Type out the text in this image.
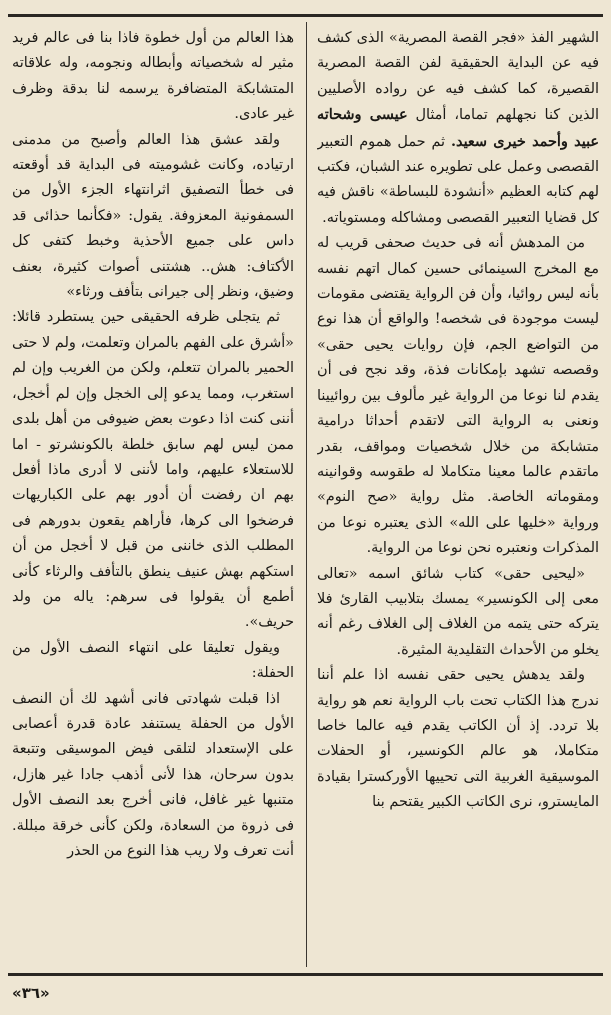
الشهير الفذ «فجر القصة المصرية» الذى كشف فيه عن البداية الحقيقية لفن القصة المصرية القصيرة، كما كشف فيه عن رواده الأصليين الذين كنا نجهلهم تماما، أمثال عيسى وشحاته عبيد وأحمد خيرى سعيد. ثم حمل هموم التعبير القصصى وعمل على تطويره عند الشبان، فكتب لهم كتابه العظيم «أنشودة للبساطة» ناقش فيه كل قضايا التعبير القصصى ومشاكله ومستوياته.

من المدهش أنه فى حديث صحفى قريب له مع المخرج السينمائى حسين كمال اتهم نفسه بأنه ليس روائيا، وأن فن الرواية يقتضى مقومات ليست موجودة فى شخصه! والواقع أن هذا نوع من التواضع الجم، فإن روايات يحيى حقى» وقصصه تشهد بإمكانات فذة، وقد نجح فى أن يقدم لنا نوعا من الرواية غير مألوف بين روائيينا ونعنى به الرواية التى لاتقدم أحداثا درامية متشابكة من خلال شخصيات ومواقف، بقدر ماتقدم عالما معينا متكاملا له طقوسه وقوانينه ومقوماته الخاصة. مثل رواية «صح النوم» ورواية «خليها على الله» الذى يعتبره نوعا من المذكرات ونعتبره نحن نوعا من الرواية.

«ليحيى حقى» كتاب شائق اسمه «تعالى معى إلى الكونسير» يمسك بتلابيب القارئ فلا يتركه حتى يتمه من الغلاف إلى الغلاف رغم أنه يخلو من الأحداث التقليدية المثيرة.

ولقد يدهش يحيى حقى نفسه اذا علم أننا ندرج هذا الكتاب تحت باب الرواية نعم هو رواية بلا تردد. إذ أن الكاتب يقدم فيه عالما خاصا متكاملا، هو عالم الكونسير، أو الحفلات الموسيقية الغربية التى تحييها الأوركسترا بقيادة المايسترو، نرى الكاتب الكبير يقتحم بنا

هذا العالم من أول خطوة فاذا بنا فى عالم فريد مثير له شخصياته وأبطاله ونجومه، وله علاقاته المتشابكة المتضافرة يرسمه لنا بدقة وظرف غير عادى.

ولقد عشق هذا العالم وأصبح من مدمنى ارتياده، وكانت غشوميته فى البداية قد أوقعته فى خطأ التصفيق اثرانتهاء الجزء الأول من السمفونية المعزوفة. يقول: «فكأنما حذائى قد داس على جميع الأحذية وخبط كتفى كل الأكتاف: هش.. هشتنى أصوات كثيرة، بعنف وضيق، ونظر إلى جيرانى بتأفف ورثاء»

ثم يتجلى ظرفه الحقيقى حين يستطرد قائلا: «أشرق على الفهم بالمران وتعلمت، ولم لا حتى الحمير بالمران تتعلم، ولكن من الغريب وإن لم استغرب، ومما يدعو إلى الخجل وإن لم أخجل، أننى كنت اذا دعوت بعض ضيوفى من أهل بلدى ممن ليس لهم سابق خلطة بالكونشرتو - اما للاستعلاء عليهم، واما لأننى لا أدرى ماذا أفعل بهم ان رفضت أن أدور بهم على الكباريهات فرضخوا الى كرها، فأراهم يقعون بدورهم فى المطلب الذى خاننى من قبل لا أخجل من أن استكهم بهش عنيف ينطق بالتأفف والرثاء كأنى أطمع أن يقولوا فى سرهم: ياله من ولد حريف».

ويقول تعليقا على انتهاء النصف الأول من الحفلة:

اذا قبلت شهادتى فانى أشهد لك أن النصف الأول من الحفلة يستنفد عادة قدرة أعصابى على الإستعداد لتلقى فيض الموسيقى وتتبعة بدون سرحان، هذا لأنى أذهب جادا غير هازل، متنبها غير غافل، فانى أخرج بعد النصف الأول فى ذروة من السعادة، ولكن كأنى خرقة مبللة. أنت تعرف ولا ريب هذا النوع من الحذر

«٣٦»
